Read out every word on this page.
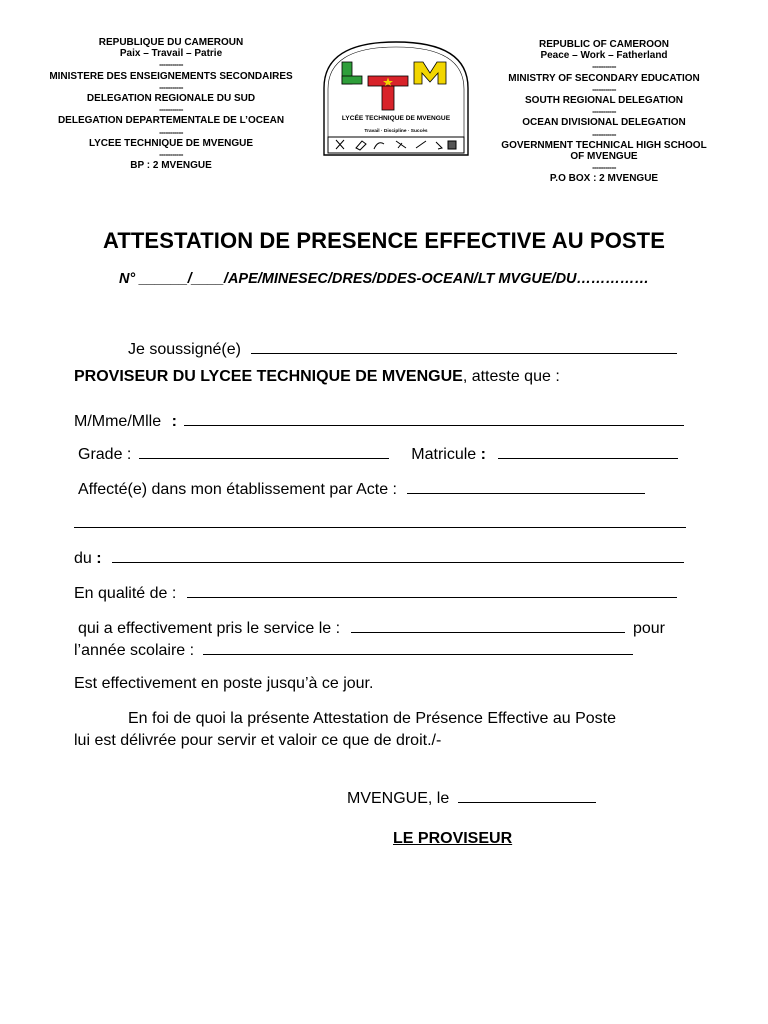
REPUBLIQUE DU CAMEROUN
Paix – Travail – Patrie
-----------
MINISTERE DES ENSEIGNEMENTS SECONDAIRES
-----------
DELEGATION REGIONALE DU SUD
-----------
DELEGATION DEPARTEMENTALE DE L’OCEAN
-----------
LYCEE TECHNIQUE DE MVENGUE
-----------
BP : 2 MVENGUE
LYCÉE TECHNIQUE DE MVENGUE
Travail · Discipline · Succès
REPUBLIC OF CAMEROON
Peace – Work – Fatherland
-----------
MINISTRY OF SECONDARY EDUCATION
-----------
SOUTH REGIONAL DELEGATION
-----------
OCEAN DIVISIONAL DELEGATION
-----------
GOVERNMENT TECHNICAL HIGH SCHOOL
OF MVENGUE
-----------
P.O BOX : 2 MVENGUE
ATTESTATION DE PRESENCE EFFECTIVE AU POSTE
N° ______/____/APE/MINESEC/DRES/DDES-OCEAN/LT MVGUE/DU……………
Je soussigné(e)
PROVISEUR DU LYCEE TECHNIQUE DE MVENGUE, atteste que :
M/Mme/Mlle :
Grade :	Matricule :
Affecté(e) dans mon établissement par Acte :
du :
En qualité de :
qui a effectivement pris le service le :	pour
l’année scolaire :
Est effectivement en poste jusqu’à ce jour.
En foi de quoi la présente Attestation de Présence Effective au Poste
lui est délivrée pour servir et valoir ce que de droit./-
MVENGUE, le
LE PROVISEUR
